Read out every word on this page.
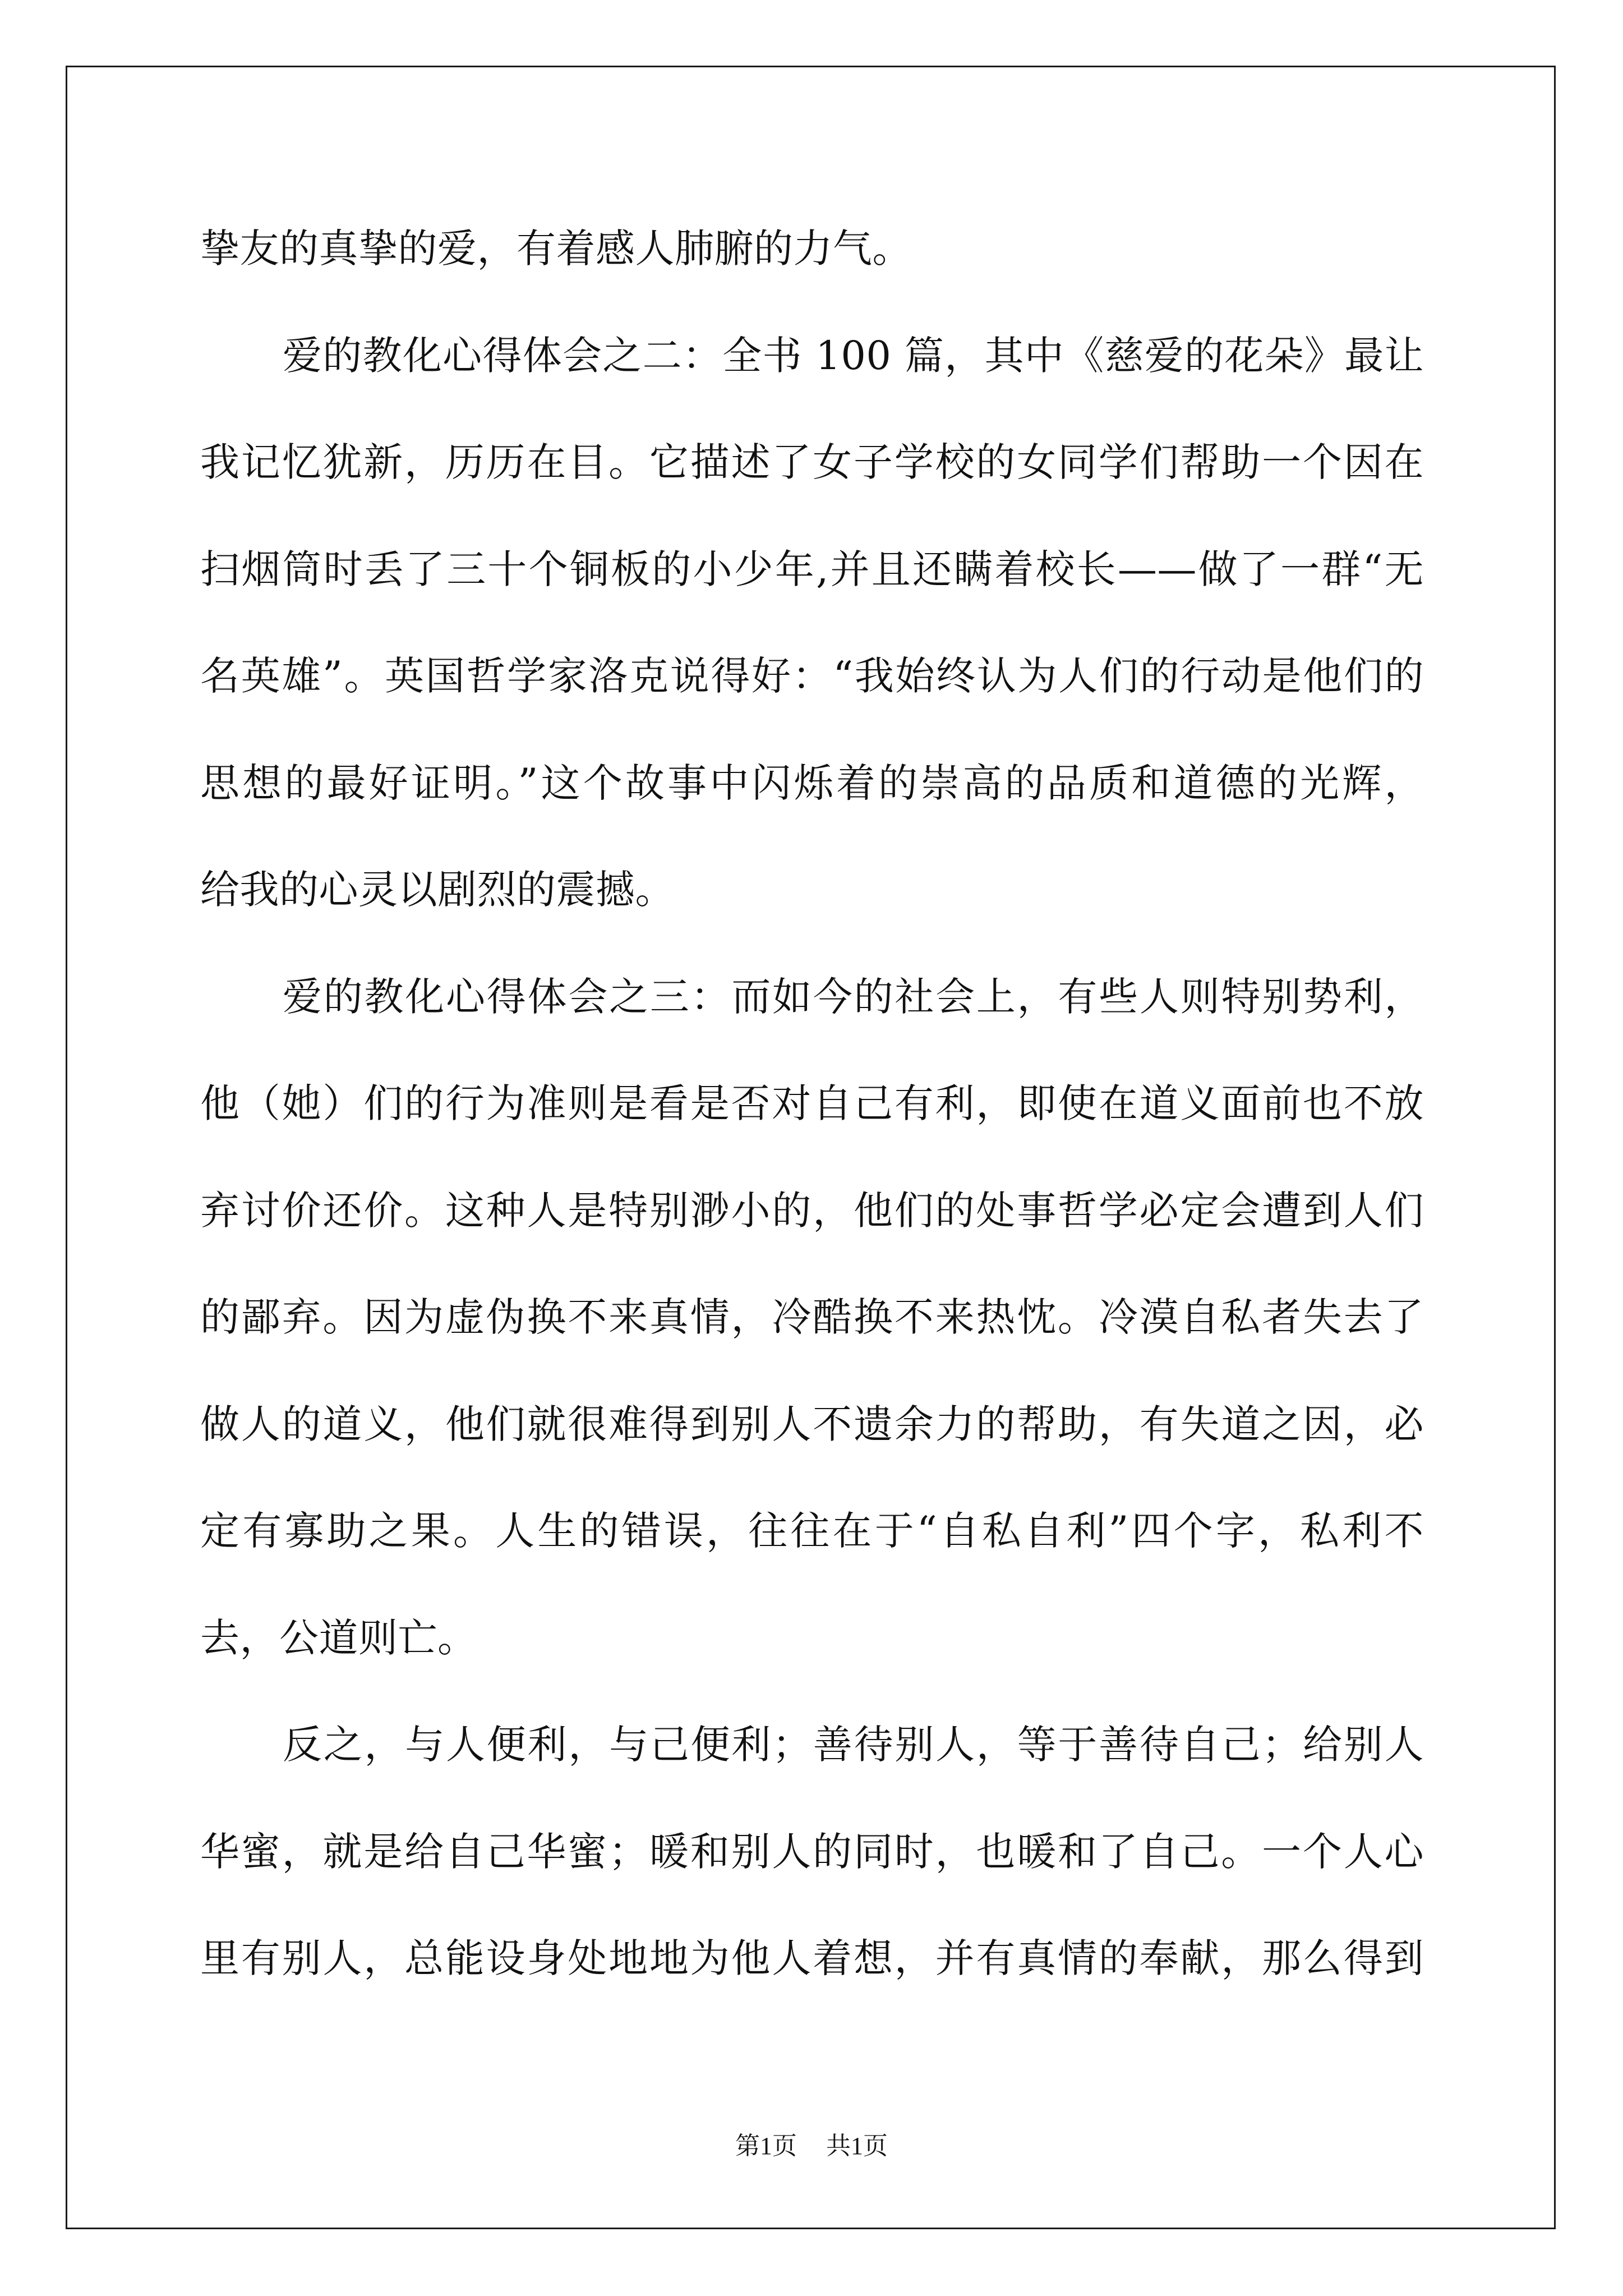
挚友的真挚的爱，有着感人肺腑的力气。
爱的教化心得体会之二：全书 100 篇，其中《慈爱的花朵》最让
我记忆犹新，历历在目。它描述了女子学校的女同学们帮助一个因在
扫烟筒时丢了三十个铜板的小少年,并且还瞒着校长——做了一群“无
名英雄”。英国哲学家洛克说得好：“我始终认为人们的行动是他们的
思想的最好证明。”这个故事中闪烁着的崇高的品质和道德的光辉，
给我的心灵以剧烈的震撼。
爱的教化心得体会之三：而如今的社会上，有些人则特别势利，
他（她）们的行为准则是看是否对自己有利，即使在道义面前也不放
弃讨价还价。这种人是特别渺小的，他们的处事哲学必定会遭到人们
的鄙弃。因为虚伪换不来真情，冷酷换不来热忱。冷漠自私者失去了
做人的道义，他们就很难得到别人不遗余力的帮助，有失道之因，必
定有寡助之果。人生的错误，往往在于“自私自利”四个字，私利不
去，公道则亡。
反之，与人便利，与己便利；善待别人，等于善待自己；给别人
华蜜，就是给自己华蜜；暖和别人的同时，也暖和了自己。一个人心
里有别人，总能设身处地地为他人着想，并有真情的奉献，那么得到
第1页 共1页
